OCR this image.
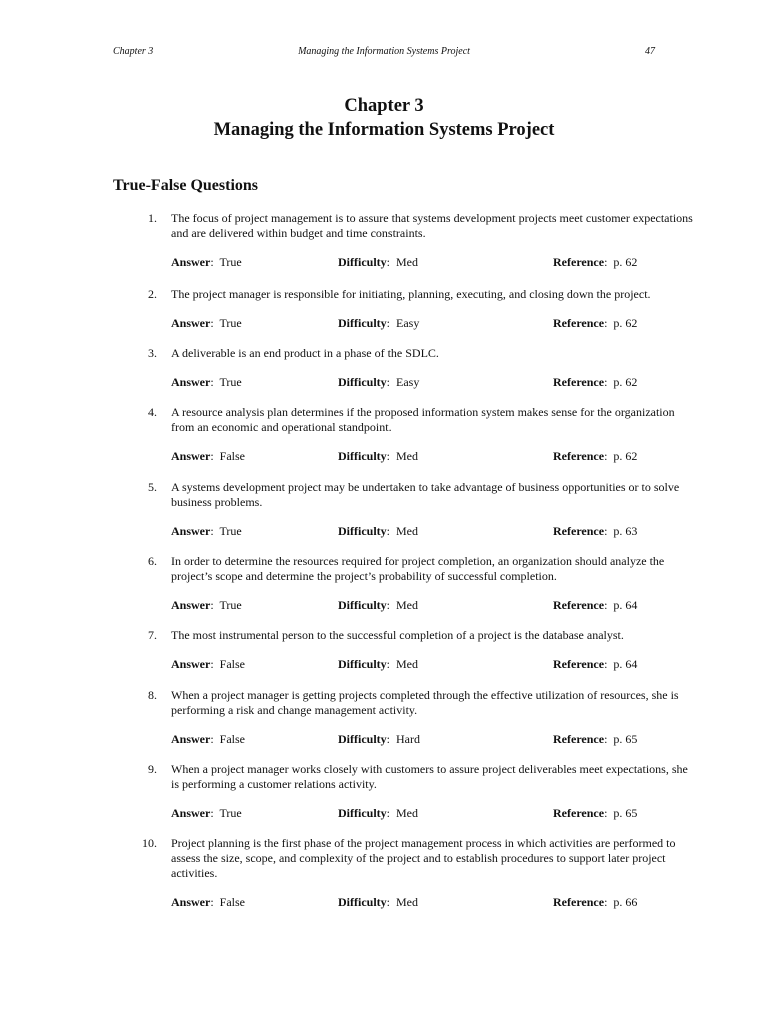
Chapter 3	Managing the Information Systems Project	47
Chapter 3
Managing the Information Systems Project
True-False Questions
1. The focus of project management is to assure that systems development projects meet customer expectations and are delivered within budget and time constraints.
Answer:  True	Difficulty:  Med	Reference:  p. 62
2. The project manager is responsible for initiating, planning, executing, and closing down the project.
Answer:  True	Difficulty:  Easy	Reference:  p. 62
3. A deliverable is an end product in a phase of the SDLC.
Answer:  True	Difficulty:  Easy	Reference:  p. 62
4. A resource analysis plan determines if the proposed information system makes sense for the organization from an economic and operational standpoint.
Answer:  False	Difficulty:  Med	Reference:  p. 62
5. A systems development project may be undertaken to take advantage of business opportunities or to solve business problems.
Answer:  True	Difficulty:  Med	Reference:  p. 63
6. In order to determine the resources required for project completion, an organization should analyze the project’s scope and determine the project’s probability of successful completion.
Answer:  True	Difficulty:  Med	Reference:  p. 64
7. The most instrumental person to the successful completion of a project is the database analyst.
Answer:  False	Difficulty:  Med	Reference:  p. 64
8. When a project manager is getting projects completed through the effective utilization of resources, she is performing a risk and change management activity.
Answer:  False	Difficulty:  Hard	Reference:  p. 65
9. When a project manager works closely with customers to assure project deliverables meet expectations, she is performing a customer relations activity.
Answer:  True	Difficulty:  Med	Reference:  p. 65
10. Project planning is the first phase of the project management process in which activities are performed to assess the size, scope, and complexity of the project and to establish procedures to support later project activities.
Answer:  False	Difficulty:  Med	Reference:  p. 66
